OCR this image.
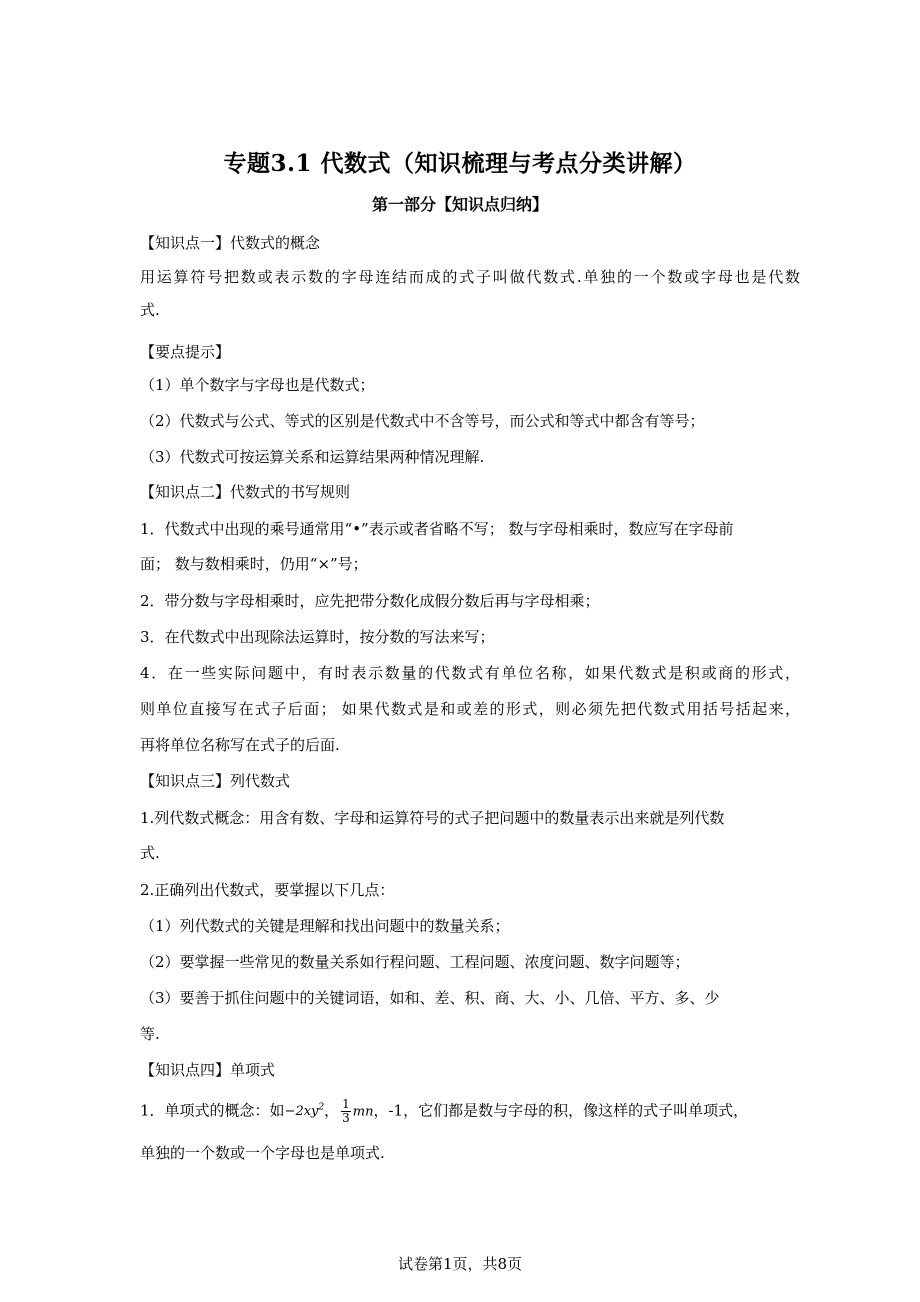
专题3.1 代数式（知识梳理与考点分类讲解）
第一部分【知识点归纳】
【知识点一】代数式的概念
用运算符号把数或表示数的字母连结而成的式子叫做代数式.单独的一个数或字母也是代数
式.
【要点提示】
（1）单个数字与字母也是代数式；
（2）代数式与公式、等式的区别是代数式中不含等号，而公式和等式中都含有等号；
（3）代数式可按运算关系和运算结果两种情况理解.
【知识点二】代数式的书写规则
1．代数式中出现的乘号通常用“•”表示或者省略不写； 数与字母相乘时，数应写在字母前
面； 数与数相乘时，仍用“×”号；
2．带分数与字母相乘时，应先把带分数化成假分数后再与字母相乘；
3．在代数式中出现除法运算时，按分数的写法来写；
4．在一些实际问题中，有时表示数量的代数式有单位名称，如果代数式是积或商的形式，
则单位直接写在式子后面； 如果代数式是和或差的形式，则必须先把代数式用括号括起来，
再将单位名称写在式子的后面.
【知识点三】列代数式
1.列代数式概念：用含有数、字母和运算符号的式子把问题中的数量表示出来就是列代数
式.
2.正确列出代数式，要掌握以下几点：
（1）列代数式的关键是理解和找出问题中的数量关系；
（2）要掌握一些常见的数量关系如行程问题、工程问题、浓度问题、数字问题等；
（3）要善于抓住问题中的关键词语，如和、差、积、商、大、小、几倍、平方、多、少
等.
【知识点四】单项式
1．单项式的概念：如$-2xy^2$， $\frac{1}{3}$ mn，-1，它们都是数与字母的积，像这样的式子叫单项式，
单独的一个数或一个字母也是单项式.
试卷第1页，共8页
